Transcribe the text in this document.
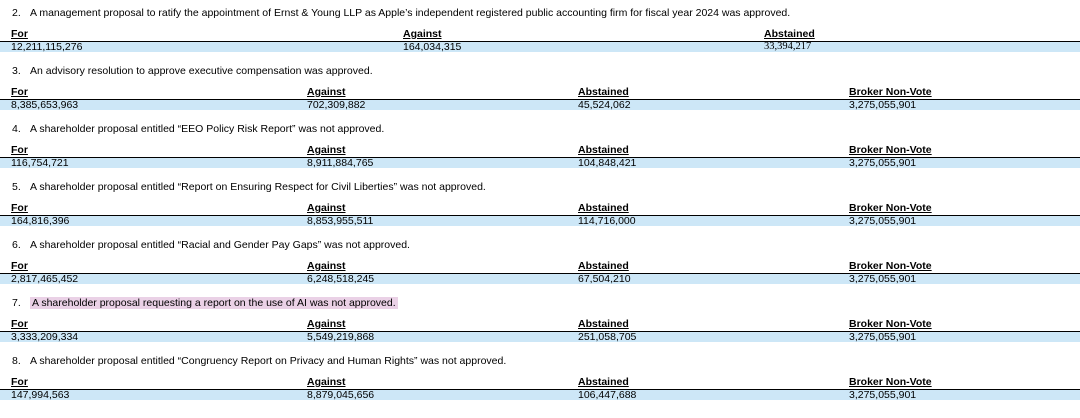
2. A management proposal to ratify the appointment of Ernst & Young LLP as Apple’s independent registered public accounting firm for fiscal year 2024 was approved.
For
12,211,115,276
Against
164,034,315
Abstained
33,394,217
3. An advisory resolution to approve executive compensation was approved.
For
8,385,653,963
Against
702,309,882
Abstained
45,524,062
Broker Non-Vote
3,275,055,901
4. A shareholder proposal entitled “EEO Policy Risk Report” was not approved.
For
116,754,721
Against
8,911,884,765
Abstained
104,848,421
Broker Non-Vote
3,275,055,901
5. A shareholder proposal entitled “Report on Ensuring Respect for Civil Liberties” was not approved.
For
164,816,396
Against
8,853,955,511
Abstained
114,716,000
Broker Non-Vote
3,275,055,901
6. A shareholder proposal entitled “Racial and Gender Pay Gaps” was not approved.
For
2,817,465,452
Against
6,248,518,245
Abstained
67,504,210
Broker Non-Vote
3,275,055,901
7. A shareholder proposal requesting a report on the use of AI was not approved.
For
3,333,209,334
Against
5,549,219,868
Abstained
251,058,705
Broker Non-Vote
3,275,055,901
8. A shareholder proposal entitled “Congruency Report on Privacy and Human Rights” was not approved.
For
147,994,563
Against
8,879,045,656
Abstained
106,447,688
Broker Non-Vote
3,275,055,901
